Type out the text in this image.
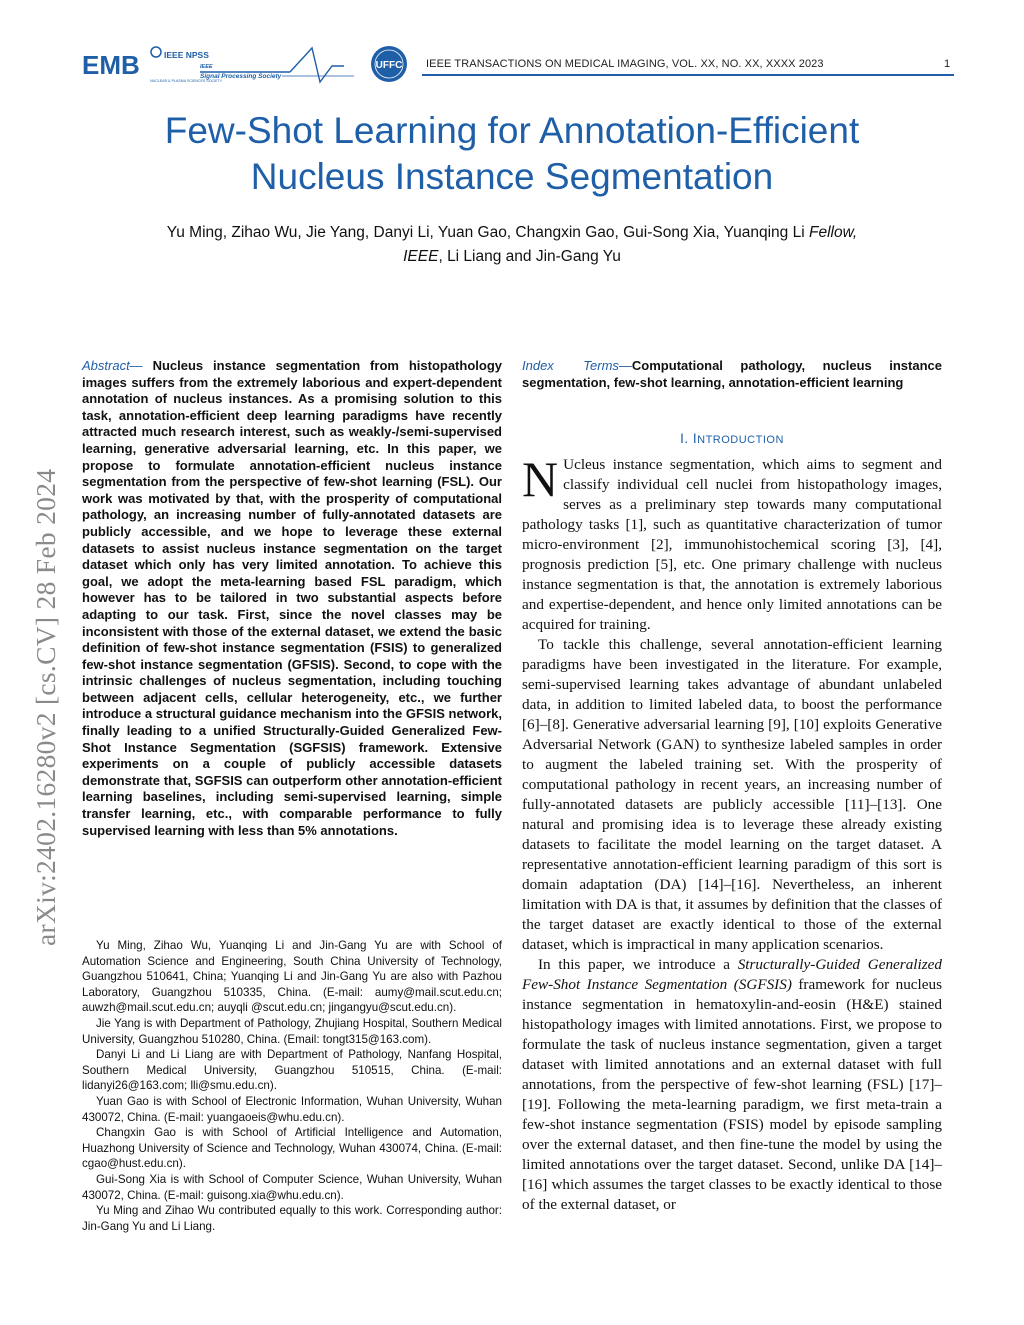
EMB	IEEE NPSS
NUCLEAR & PLASMA SCIENCES SOCIETY
IEEE
Signal Processing Society
UFFC IEEE TRANSACTIONS ON MEDICAL IMAGING, VOL. XX, NO. XX, XXXX 2023	1
Few-Shot Learning for Annotation-Efficient
Nucleus Instance Segmentation
Yu Ming, Zihao Wu, Jie Yang, Danyi Li, Yuan Gao, Changxin Gao, Gui-Song Xia, Yuanqing Li Fellow,
IEEE, Li Liang and Jin-Gang Yu
arXiv:2402.16280v2 [cs.CV] 28 Feb 2024
Abstract— Nucleus instance segmentation from histopathology images suffers from the extremely laborious and expert-dependent annotation of nucleus instances. As a promising solution to this task, annotation-efficient deep learning paradigms have recently attracted much research interest, such as weakly-/semi-supervised learning, generative adversarial learning, etc. In this paper, we propose to formulate annotation-efficient nucleus instance segmentation from the perspective of few-shot learning (FSL). Our work was motivated by that, with the prosperity of computational pathology, an increasing number of fully-annotated datasets are publicly accessible, and we hope to leverage these external datasets to assist nucleus instance segmentation on the target dataset which only has very limited annotation. To achieve this goal, we adopt the meta-learning based FSL paradigm, which however has to be tailored in two substantial aspects before adapting to our task. First, since the novel classes may be inconsistent with those of the external dataset, we extend the basic definition of few-shot instance segmentation (FSIS) to generalized few-shot instance segmentation (GFSIS). Second, to cope with the intrinsic challenges of nucleus segmentation, including touching between adjacent cells, cellular heterogeneity, etc., we further introduce a structural guidance mechanism into the GFSIS network, finally leading to a unified Structurally-Guided Generalized Few-Shot Instance Segmentation (SGFSIS) framework. Extensive experiments on a couple of publicly accessible datasets demonstrate that, SGFSIS can outperform other annotation-efficient learning baselines, including semi-supervised learning, simple transfer learning, etc., with comparable performance to fully supervised learning with less than 5% annotations.

Yu Ming, Zihao Wu, Yuanqing Li and Jin-Gang Yu are with School of Automation Science and Engineering, South China University of Technology, Guangzhou 510641, China; Yuanqing Li and Jin-Gang Yu are also with Pazhou Laboratory, Guangzhou 510335, China. (E-mail: aumy@mail.scut.edu.cn; auwzh@mail.scut.edu.cn; auyqli @scut.edu.cn; jingangyu@scut.edu.cn).

Jie Yang is with Department of Pathology, Zhujiang Hospital, Southern Medical University, Guangzhou 510280, China. (Email: tongt315@163.com).

Danyi Li and Li Liang are with Department of Pathology, Nanfang Hospital, Southern Medical University, Guangzhou 510515, China. (E-mail: lidanyi26@163.com; lli@smu.edu.cn).

Yuan Gao is with School of Electronic Information, Wuhan University, Wuhan 430072, China. (E-mail: yuangaoeis@whu.edu.cn).

Changxin Gao is with School of Artificial Intelligence and Automation, Huazhong University of Science and Technology, Wuhan 430074, China. (E-mail: cgao@hust.edu.cn).

Gui-Song Xia is with School of Computer Science, Wuhan University, Wuhan 430072, China. (E-mail: guisong.xia@whu.edu.cn).

Yu Ming and Zihao Wu contributed equally to this work. Corresponding author: Jin-Gang Yu and Li Liang.

Index Terms—Computational pathology, nucleus instance segmentation, few-shot learning, annotation-efficient learning
I. INTRODUCTION

N Ucleus instance segmentation, which aims to segment and classify individual cell nuclei from histopathology images, serves as a preliminary step towards many computational pathology tasks [1], such as quantitative characterization of tumor micro-environment [2], immunohistochemical scoring [3], [4], prognosis prediction [5], etc. One primary challenge with nucleus instance segmentation is that, the annotation is extremely laborious and expertise-dependent, and hence only limited annotations can be acquired for training.

To tackle this challenge, several annotation-efficient learning paradigms have been investigated in the literature. For example, semi-supervised learning takes advantage of abundant unlabeled data, in addition to limited labeled data, to boost the performance [6]–[8]. Generative adversarial learning [9], [10] exploits Generative Adversarial Network (GAN) to synthesize labeled samples in order to augment the labeled training set. With the prosperity of computational pathology in recent years, an increasing number of fully-annotated datasets are publicly accessible [11]–[13]. One natural and promising idea is to leverage these already existing datasets to facilitate the model learning on the target dataset. A representative annotation-efficient learning paradigm of this sort is domain adaptation (DA) [14]–[16]. Nevertheless, an inherent limitation with DA is that, it assumes by definition that the classes of the target dataset are exactly identical to those of the external dataset, which is impractical in many application scenarios.

In this paper, we introduce a Structurally-Guided Generalized Few-Shot Instance Segmentation (SGFSIS) framework for nucleus instance segmentation in hematoxylin-and-eosin (H&E) stained histopathology images with limited annotations. First, we propose to formulate the task of nucleus instance segmentation, given a target dataset with limited annotations and an external dataset with full annotations, from the perspective of few-shot learning (FSL) [17]–[19]. Following the meta-learning paradigm, we first meta-train a few-shot instance segmentation (FSIS) model by episode sampling over the external dataset, and then fine-tune the model by using the limited annotations over the target dataset. Second, unlike DA [14]–[16] which assumes the target classes to be exactly identical to those of the external dataset, or
